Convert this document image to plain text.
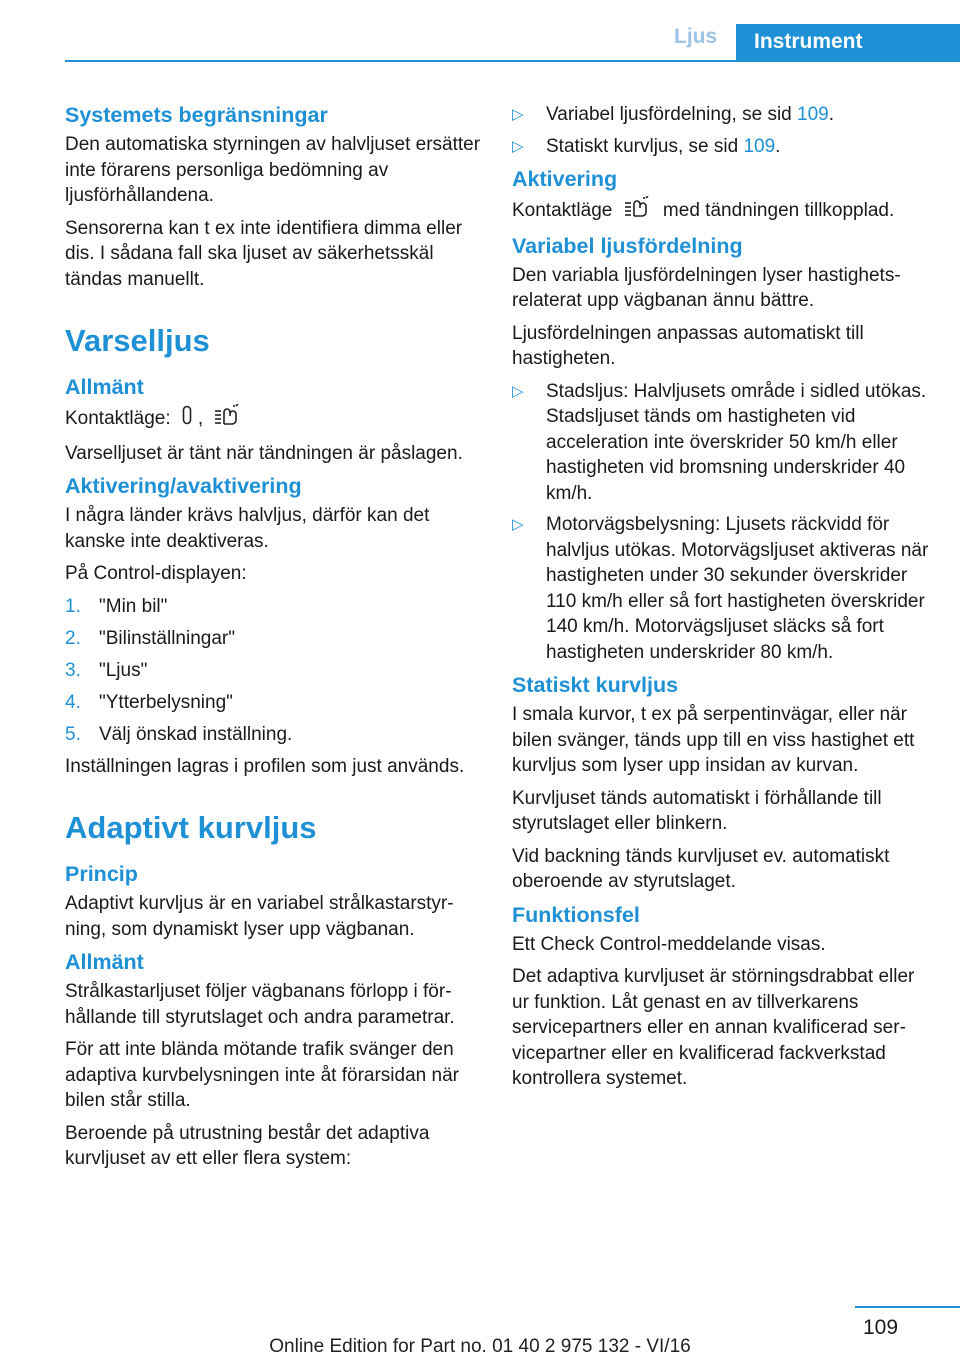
Ljus	Instrument
Systemets begränsningar

Den automatiska styrningen av halvljuset ersätter inte förarens personliga bedömning av ljusförhållandena.

Sensorerna kan t ex inte identifiera dimma eller dis. I sådana fall ska ljuset av säkerhetsskäl tändas manuellt.

Varselljus
Allmänt

Kontaktläge: ,

Varselljuset är tänt när tändningen är påslagen.

Aktivering/avaktivering

I några länder krävs halvljus, därför kan det kanske inte deaktiveras.

På Control-displayen:

1. "Min bil"
2. "Bilinställningar"
3. "Ljus"
4. "Ytterbelysning"
5. Välj önskad inställning.

Inställningen lagras i profilen som just används.

Adaptivt kurvljus
Princip

Adaptivt kurvljus är en variabel strålkastarstyrning, som dynamiskt lyser upp vägbanan.

Allmänt

Strålkastarljuset följer vägbanans förlopp i förhållande till styrutslaget och andra parametrar.

För att inte blända mötande trafik svänger den adaptiva kurvbelysningen inte åt förarsidan när bilen står stilla.

Beroende på utrustning består det adaptiva kurvljuset av ett eller flera system:

▷ Variabel ljusfördelning, se sid 109.
▷ Statiskt kurvljus, se sid 109.
Aktivering

Kontaktläge	med tändningen tillkopplad.

Variabel ljusfördelning

Den variabla ljusfördelningen lyser hastighetsrelaterat upp vägbanan ännu bättre.

Ljusfördelningen anpassas automatiskt till hastigheten.

▷ Stadsljus: Halvljusets område i sidled utökas. Stadsljuset tänds om hastigheten vid acceleration inte överskrider 50 km/h eller hastigheten vid bromsning underskrider 40 km/h.
▷ Motorvägsbelysning: Ljusets räckvidd för halvljus utökas. Motorvägsljuset aktiveras när hastigheten under 30 sekunder överskrider 110 km/h eller så fort hastigheten överskrider 140 km/h. Motorvägsljuset släcks så fort hastigheten underskrider 80 km/h.
Statiskt kurvljus

I smala kurvor, t ex på serpentinvägar, eller när bilen svänger, tänds upp till en viss hastighet ett kurvljus som lyser upp insidan av kurvan.

Kurvljuset tänds automatiskt i förhållande till styrutslaget eller blinkern.

Vid backning tänds kurvljuset ev. automatiskt oberoende av styrutslaget.

Funktionsfel

Ett Check Control-meddelande visas.

Det adaptiva kurvljuset är störningsdrabbat eller ur funktion. Låt genast en av tillverkarens servicepartners eller en annan kvalificerad servicepartner eller en kvalificerad fackverkstad kontrollera systemet.

109
Online Edition for Part no. 01 40 2 975 132 - VI/16
